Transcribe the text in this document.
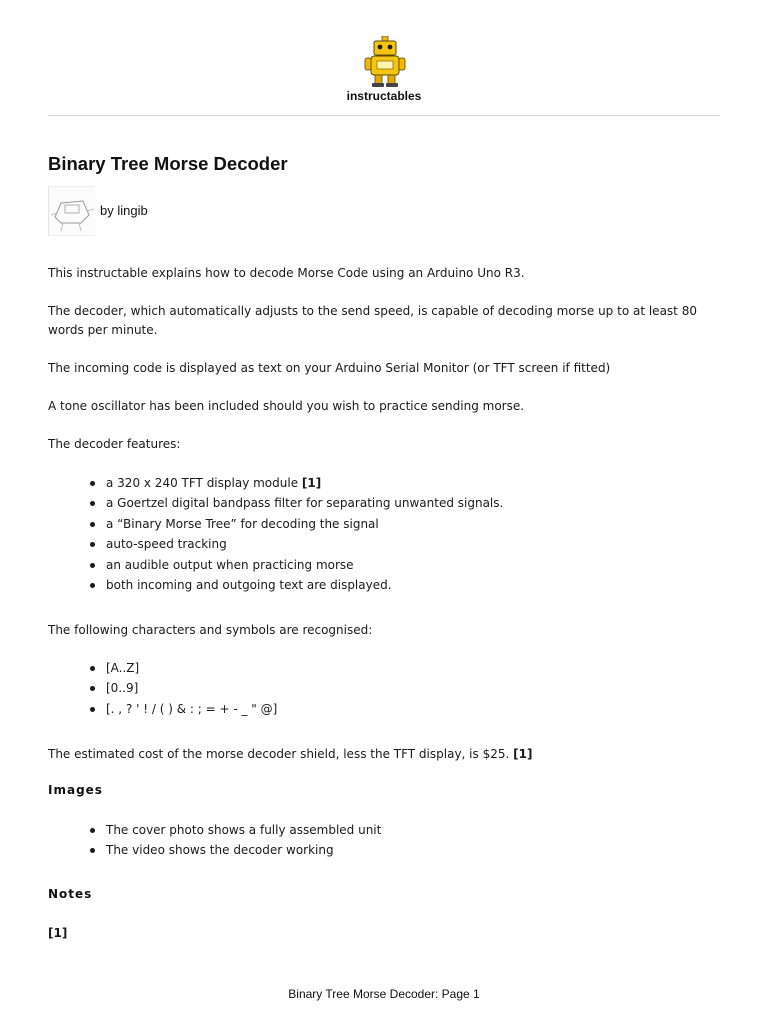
instructables
Binary Tree Morse Decoder
by lingib

This instructable explains how to decode Morse Code using an Arduino Uno R3.

The decoder, which automatically adjusts to the send speed, is capable of decoding morse up to at least 80 words per minute.

The incoming code is displayed as text on your Arduino Serial Monitor (or TFT screen if fitted)

A tone oscillator has been included should you wish to practice sending morse.

The decoder features:

a 320 x 240 TFT display module [1]
a Goertzel digital bandpass filter for separating unwanted signals.
a “Binary Morse Tree” for decoding the signal
auto-speed tracking
an audible output when practicing morse
both incoming and outgoing text are displayed.

The following characters and symbols are recognised:

[A..Z]
[0..9]
[. , ? ' ! / ( ) & : ; = + - _ " @]

The estimated cost of the morse decoder shield, less the TFT display, is $25. [1]

Images
The cover photo shows a fully assembled unit
The video shows the decoder working
Notes

[1]

Binary Tree Morse Decoder: Page 1
